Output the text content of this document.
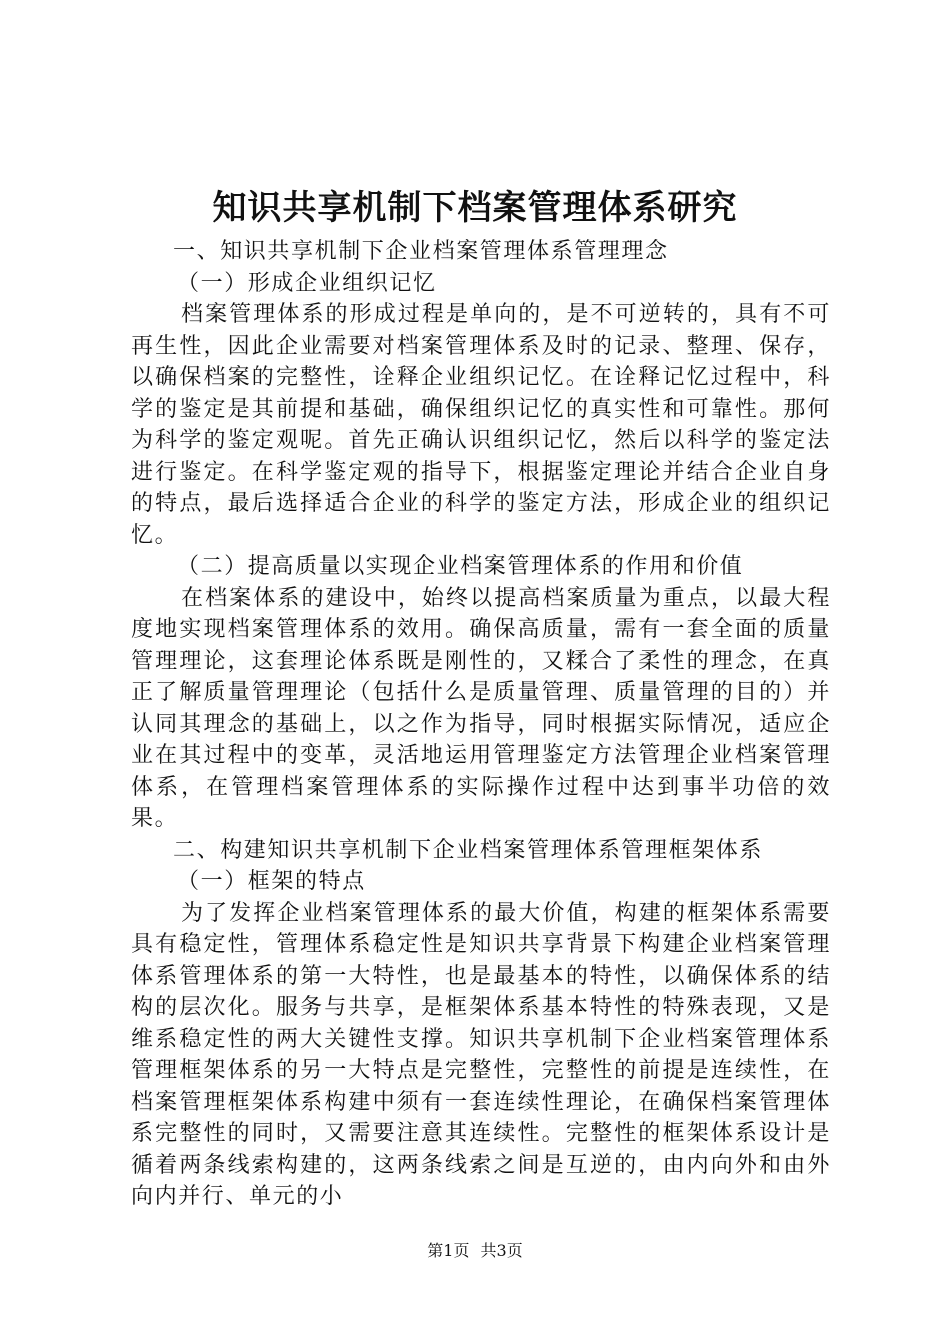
知识共享机制下档案管理体系研究

一、知识共享机制下企业档案管理体系管理理念

（一）形成企业组织记忆

档案管理体系的形成过程是单向的，是不可逆转的，具有不可再生性，因此企业需要对档案管理体系及时的记录、整理、保存，以确保档案的完整性，诠释企业组织记忆。在诠释记忆过程中，科学的鉴定是其前提和基础，确保组织记忆的真实性和可靠性。那何为科学的鉴定观呢。首先正确认识组织记忆，然后以科学的鉴定法进行鉴定。在科学鉴定观的指导下，根据鉴定理论并结合企业自身的特点，最后选择适合企业的科学的鉴定方法，形成企业的组织记忆。

（二）提高质量以实现企业档案管理体系的作用和价值

在档案体系的建设中，始终以提高档案质量为重点，以最大程度地实现档案管理体系的效用。确保高质量，需有一套全面的质量管理理论，这套理论体系既是刚性的，又糅合了柔性的理念，在真正了解质量管理理论（包括什么是质量管理、质量管理的目的）并认同其理念的基础上，以之作为指导，同时根据实际情况，适应企业在其过程中的变革，灵活地运用管理鉴定方法管理企业档案管理体系，在管理档案管理体系的实际操作过程中达到事半功倍的效果。

二、构建知识共享机制下企业档案管理体系管理框架体系

（一）框架的特点

为了发挥企业档案管理体系的最大价值，构建的框架体系需要具有稳定性，管理体系稳定性是知识共享背景下构建企业档案管理体系管理体系的第一大特性，也是最基本的特性，以确保体系的结构的层次化。服务与共享，是框架体系基本特性的特殊表现，又是维系稳定性的两大关键性支撑。知识共享机制下企业档案管理体系管理框架体系的另一大特点是完整性，完整性的前提是连续性，在档案管理框架体系构建中须有一套连续性理论，在确保档案管理体系完整性的同时，又需要注意其连续性。完整性的框架体系设计是循着两条线索构建的，这两条线索之间是互逆的，由内向外和由外向内并行、单元的小

第1页 共3页
